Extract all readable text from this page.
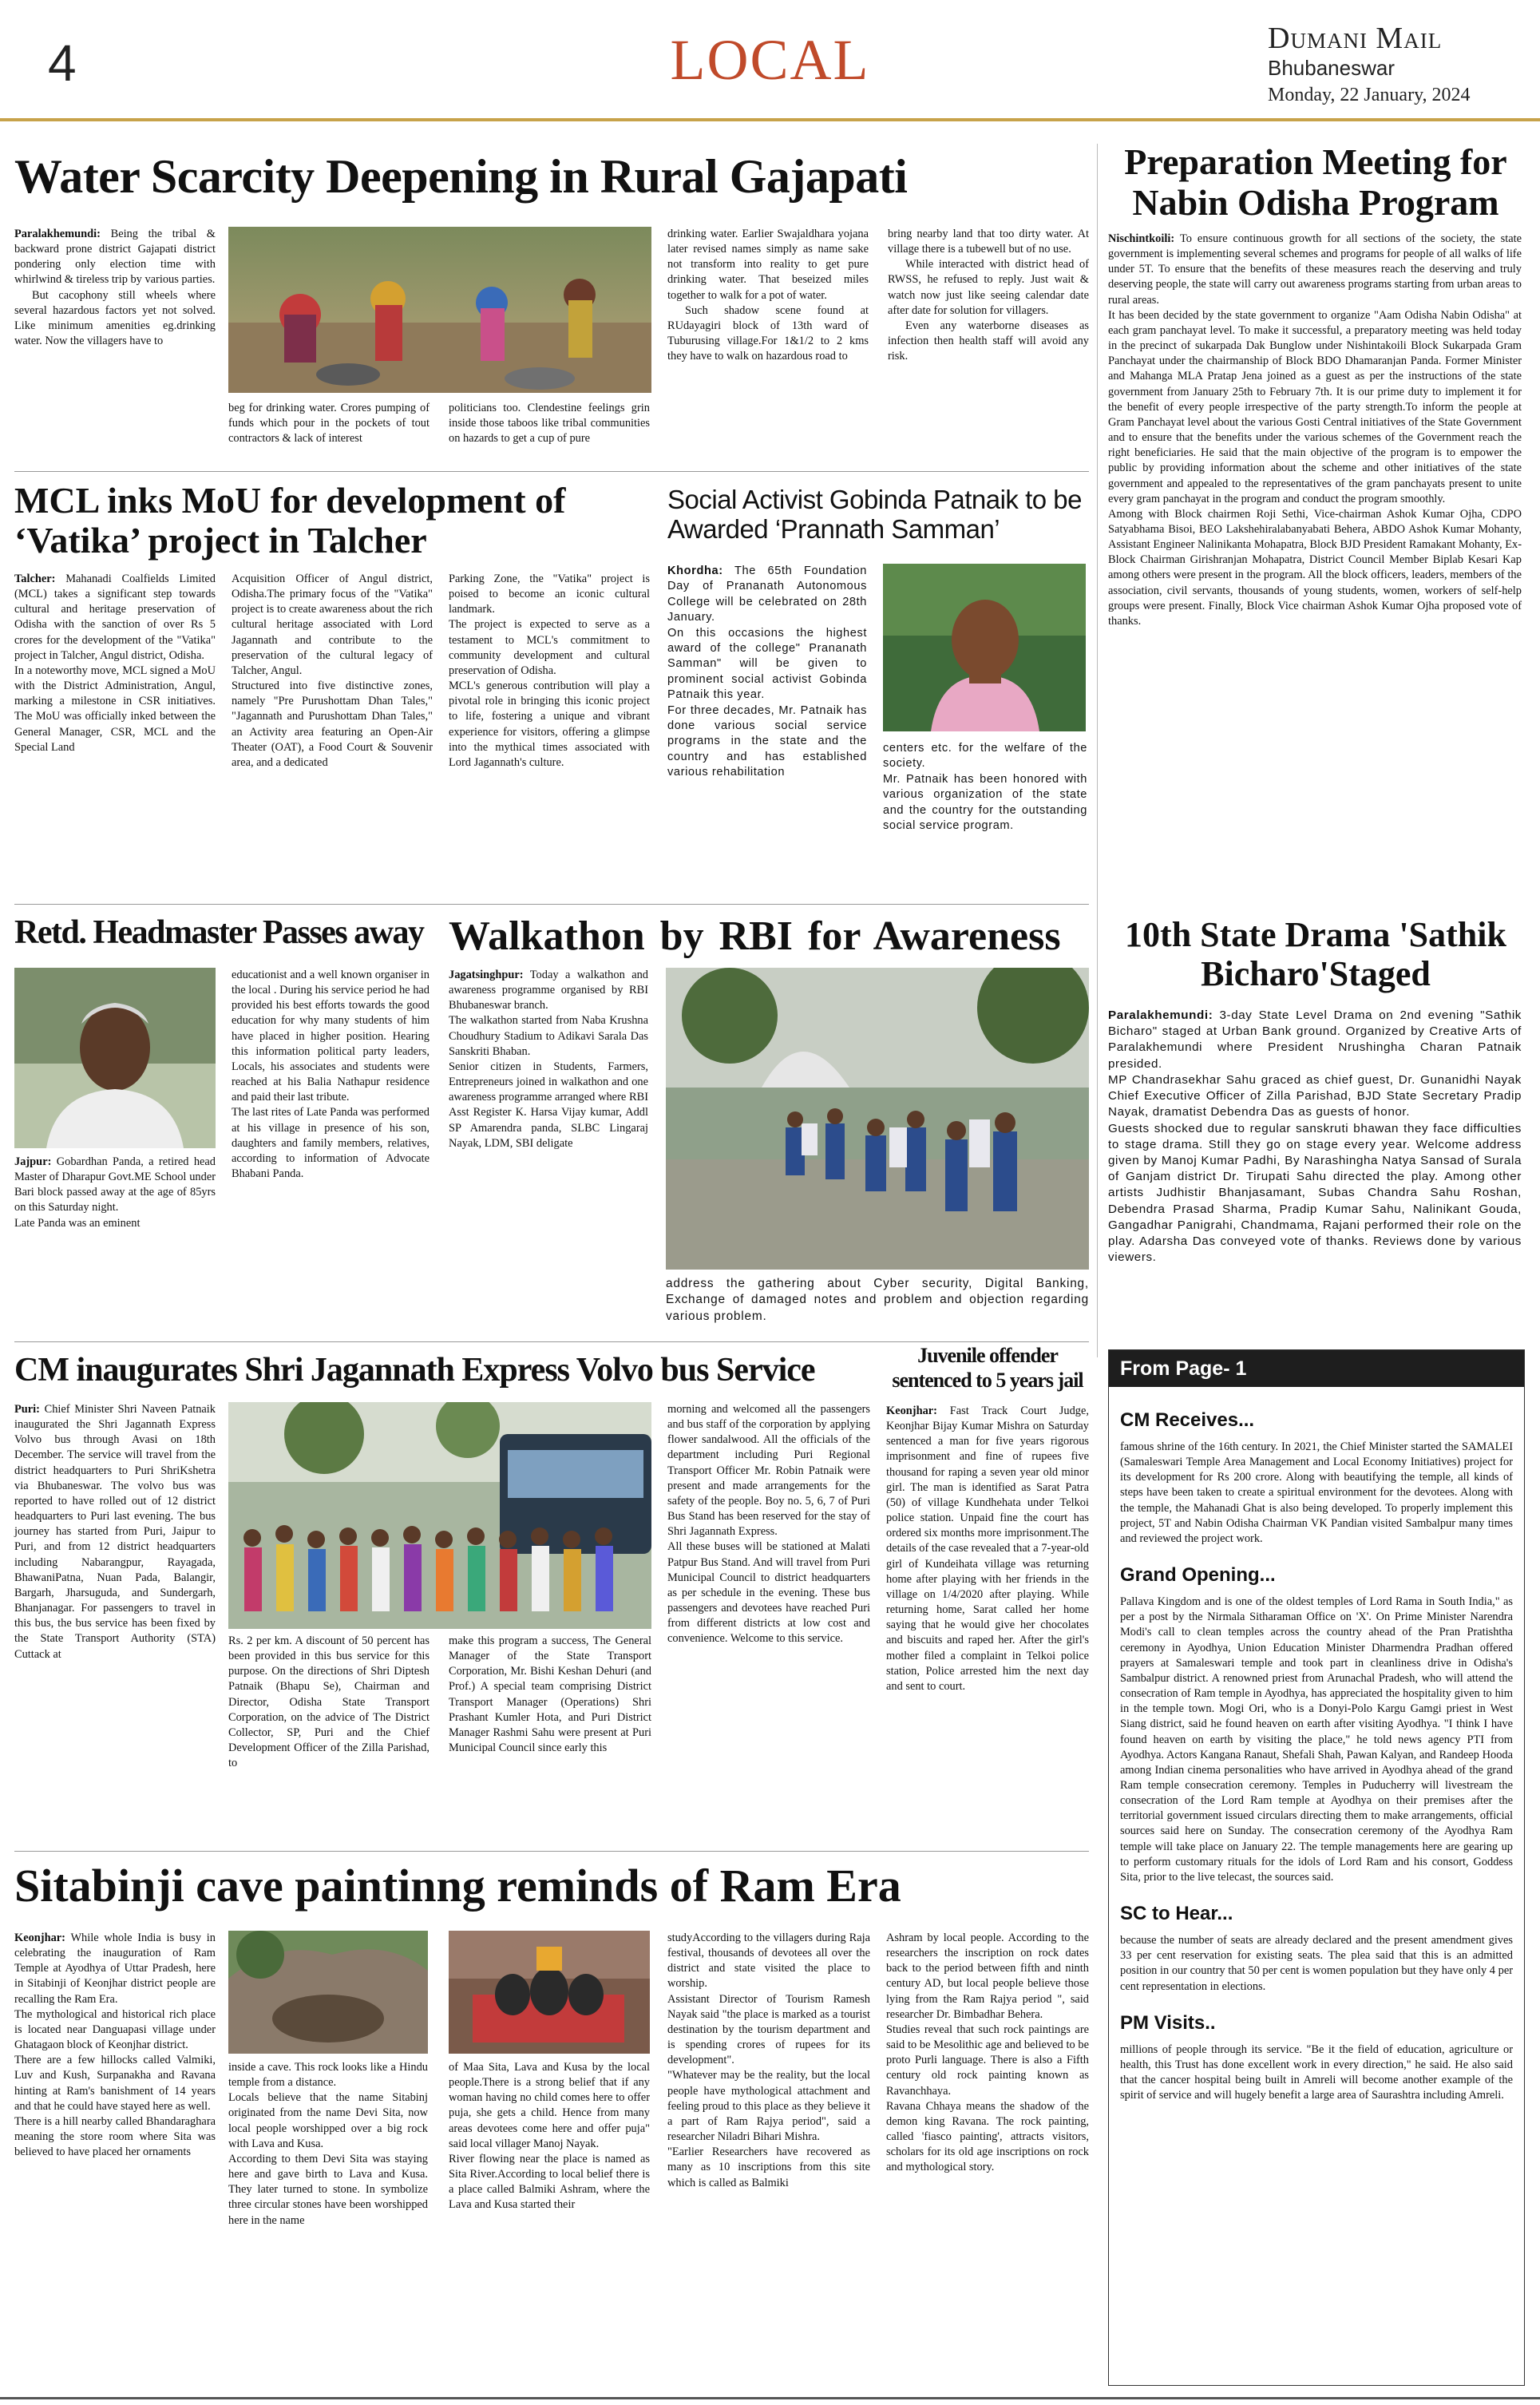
4	LOCAL	Dumani Mail
Bhubaneswar
Monday, 22 January, 2024
Water Scarcity Deepening in Rural Gajapati

Paralakhemundi: Being the tribal & backward prone district Gajapati district pondering only election time with whirlwind & tireless trip by various parties.

But cacophony still wheels where several hazardous factors yet not solved. Like minimum amenities eg.drinking water. Now the villagers have to

beg for drinking water. Crores pumping of funds which pour in the pockets of tout contractors & lack of interest

politicians too. Clendestine feelings grin inside those taboos like tribal communities on hazards to get a cup of pure

drinking water. Earlier Swajaldhara yojana later revised names simply as name sake not transform into reality to get pure drinking water. That beseized miles together to walk for a pot of water.

Such shadow scene found at RUdayagiri block of 13th ward of Tuburusing village.For 1&1/2 to 2 kms they have to walk on hazardous road to

bring nearby land that too dirty water. At village there is a tubewell but of no use.

While interacted with district head of RWSS, he refused to reply. Just wait & watch now just like seeing calendar date after date for solution for villagers.

Even any waterborne diseases as infection then health staff will avoid any risk.

Preparation Meeting for Nabin Odisha Program

Nischintkoili: To ensure continuous growth for all sections of the society, the state government is implementing several schemes and programs for people of all walks of life under 5T. To ensure that the benefits of these measures reach the deserving and truly deserving people, the state will carry out awareness programs starting from urban areas to rural areas.

It has been decided by the state government to organize "Aam Odisha Nabin Odisha" at each gram panchayat level. To make it successful, a preparatory meeting was held today in the precinct of sukarpada Dak Bunglow under Nishintakoili Block Sukarpada Gram Panchayat under the chairmanship of Block BDO Dhamaranjan Panda. Former Minister and Mahanga MLA Pratap Jena joined as a guest as per the instructions of the state government from January 25th to February 7th. It is our prime duty to implement it for the benefit of every people irrespective of the party strength.To inform the people at Gram Panchayat level about the various Gosti Central initiatives of the State Government and to ensure that the benefits under the various schemes of the Government reach the right beneficiaries. He said that the main objective of the program is to empower the public by providing information about the scheme and other initiatives of the state government and appealed to the representatives of the gram panchayats present to unite every gram panchayat in the program and conduct the program smoothly.

Among with Block chairmen Roji Sethi, Vice-chairman Ashok Kumar Ojha, CDPO Satyabhama Bisoi, BEO Lakshehiralabanyabati Behera, ABDO Ashok Kumar Mohanty, Assistant Engineer Nalinikanta Mohapatra, Block BJD President Ramakant Mohanty, Ex-Block Chairman Girishranjan Mohapatra, District Council Member Biplab Kesari Kap among others were present in the program. All the block officers, leaders, members of the association, civil servants, thousands of young students, women, workers of self-help groups were present. Finally, Block Vice chairman Ashok Kumar Ojha proposed vote of thanks.

MCL inks MoU for development of ‘Vatika’ project in Talcher

Talcher: Mahanadi Coalfields Limited (MCL) takes a significant step towards cultural and heritage preservation of Odisha with the sanction of over Rs 5 crores for the development of the "Vatika" project in Talcher, Angul district, Odisha.

In a noteworthy move, MCL signed a MoU with the District Administration, Angul, marking a milestone in CSR initiatives. The MoU was officially inked between the General Manager, CSR, MCL and the Special Land

Acquisition Officer of Angul district, Odisha.The primary focus of the "Vatika" project is to create awareness about the rich cultural heritage associated with Lord Jagannath and contribute to the preservation of the cultural legacy of Talcher, Angul.

Structured into five distinctive zones, namely "Pre Purushottam Dhan Tales," "Jagannath and Purushottam Dhan Tales," an Activity area featuring an Open-Air Theater (OAT), a Food Court & Souvenir area, and a dedicated

Parking Zone, the "Vatika" project is poised to become an iconic cultural landmark.

The project is expected to serve as a testament to MCL's commitment to community development and cultural preservation of Odisha.

MCL's generous contribution will play a pivotal role in bringing this iconic project to life, fostering a unique and vibrant experience for visitors, offering a glimpse into the mythical times associated with Lord Jagannath's culture.

Social Activist Gobinda Patnaik to be Awarded ‘Prannath Samman’

Khordha: The 65th Foundation Day of Prananath Autonomous College will be celebrated on 28th January.

On this occasions the highest award of the college" Prananath Samman" will be given to prominent social activist Gobinda Patnaik this year.

For three decades, Mr. Patnaik has done various social service programs in the state and the country and has established various rehabilitation

centers etc. for the welfare of the society.

Mr. Patnaik has been honored with various organization of the state and the country for the outstanding social service program.

Retd. Headmaster Passes away

Jajpur: Gobardhan Panda, a retired head Master of Dharapur Govt.ME School under Bari block passed away at the age of 85yrs on this Saturday night.

Late Panda was an eminent

educationist and a well known organiser in the local . During his service period he had provided his best efforts towards the good education for why many students of him have placed in higher position. Hearing this information political party leaders, Locals, his associates and students were reached at his Balia Nathapur residence and paid their last tribute.

The last rites of Late Panda was performed at his village in presence of his son, daughters and family members, relatives, according to information of Advocate Bhabani Panda.

Walkathon by RBI for Awareness

Jagatsinghpur: Today a walkathon and awareness programme organised by RBI Bhubaneswar branch.

The walkathon started from Naba Krushna Choudhury Stadium to Adikavi Sarala Das Sanskriti Bhaban.

Senior citizen in Students, Farmers, Entrepreneurs joined in walkathon and one awareness programme arranged where RBI Asst Register K. Harsa Vijay kumar, Addl SP Amarendra panda, SLBC Lingaraj Nayak, LDM, SBI deligate

address the gathering about Cyber security, Digital Banking, Exchange of damaged notes and problem and objection regarding various problem.

10th State Drama 'Sathik Bicharo'Staged

Paralakhemundi: 3-day State Level Drama on 2nd evening "Sathik Bicharo" staged at Urban Bank ground. Organized by Creative Arts of Paralakhemundi where President Nrushingha Charan Patnaik presided.

MP Chandrasekhar Sahu graced as chief guest, Dr. Gunanidhi Nayak Chief Executive Officer of Zilla Parishad, BJD State Secretary Pradip Nayak, dramatist Debendra Das as guests of honor.

Guests shocked due to regular sanskruti bhawan they face difficulties to stage drama. Still they go on stage every year. Welcome address given by Manoj Kumar Padhi, By Narashingha Natya Sansad of Surala of Ganjam district Dr. Tirupati Sahu directed the play. Among other artists Judhistir Bhanjasamant, Subas Chandra Sahu Roshan, Debendra Prasad Sharma, Pradip Kumar Sahu, Nalinikant Gouda, Gangadhar Panigrahi, Chandmama, Rajani performed their role on the play. Adarsha Das conveyed vote of thanks. Reviews done by various viewers.

CM inaugurates Shri Jagannath Express Volvo bus Service

Puri: Chief Minister Shri Naveen Patnaik inaugurated the Shri Jagannath Express Volvo bus through Avasi on 18th December. The service will travel from the district headquarters to Puri ShriKshetra via Bhubaneswar. The volvo bus was reported to have rolled out of 12 district headquarters to Puri last evening. The bus journey has started from Puri, Jaipur to Puri, and from 12 district headquarters including Nabarangpur, Rayagada, BhawaniPatna, Nuan Pada, Balangir, Bargarh, Jharsuguda, and Sundergarh, Bhanjanagar. For passengers to travel in this bus, the bus service has been fixed by the State Transport Authority (STA) Cuttack at

Rs. 2 per km. A discount of 50 percent has been provided in this bus service for this purpose. On the directions of Shri Diptesh Patnaik (Bhapu Se), Chairman and Director, Odisha State Transport Corporation, on the advice of The District Collector, SP, Puri and the Chief Development Officer of the Zilla Parishad, to

make this program a success, The General Manager of the State Transport Corporation, Mr. Bishi Keshan Dehuri (and Prof.) A special team comprising District Transport Manager (Operations) Shri Prashant Kumler Hota, and Puri District Manager Rashmi Sahu were present at Puri Municipal Council since early this

morning and welcomed all the passengers and bus staff of the corporation by applying flower sandalwood. All the officials of the department including Puri Regional Transport Officer Mr. Robin Patnaik were present and made arrangements for the safety of the people. Boy no. 5, 6, 7 of Puri Bus Stand has been reserved for the stay of Shri Jagannath Express.

All these buses will be stationed at Malati Patpur Bus Stand. And will travel from Puri Municipal Council to district headquarters as per schedule in the evening. These bus passengers and devotees have reached Puri from different districts at low cost and convenience. Welcome to this service.

Juvenile offender
sentenced to 5 years jail

Keonjhar: Fast Track Court Judge, Keonjhar Bijay Kumar Mishra on Saturday sentenced a man for five years rigorous imprisonment and fine of rupees five thousand for raping a seven year old minor girl. The man is identified as Sarat Patra (50) of village Kundhehata under Telkoi police station. Unpaid fine the court has ordered six months more imprisonment.The details of the case revealed that a 7-year-old girl of Kundeihata village was returning home after playing with her friends in the village on 1/4/2020 after playing. While returning home, Sarat called her home saying that he would give her chocolates and biscuits and raped her. After the girl's mother filed a complaint in Telkoi police station, Police arrested him the next day and sent to court.

From Page- 1
CM Receives...

famous shrine of the 16th century. In 2021, the Chief Minister started the SAMALEI (Samaleswari Temple Area Management and Local Economy Initiatives) project for its development for Rs 200 crore. Along with beautifying the temple, all kinds of steps have been taken to create a spiritual environment for the devotees. Along with the temple, the Mahanadi Ghat is also being developed. To properly implement this project, 5T and Nabin Odisha Chairman VK Pandian visited Sambalpur many times and reviewed the project work.

Grand Opening...

Pallava Kingdom and is one of the oldest temples of Lord Rama in South India," as per a post by the Nirmala Sitharaman Office on 'X'. On Prime Minister Narendra Modi's call to clean temples across the country ahead of the Pran Pratishtha ceremony in Ayodhya, Union Education Minister Dharmendra Pradhan offered prayers at Samaleswari temple and took part in cleanliness drive in Odisha's Sambalpur district. A renowned priest from Arunachal Pradesh, who will attend the consecration of Ram temple in Ayodhya, has appreciated the hospitality given to him in the temple town. Mogi Ori, who is a Donyi-Polo Kargu Gamgi priest in West Siang district, said he found heaven on earth after visiting Ayodhya. "I think I have found heaven on earth by visiting the place," he told news agency PTI from Ayodhya. Actors Kangana Ranaut, Shefali Shah, Pawan Kalyan, and Randeep Hooda among Indian cinema personalities who have arrived in Ayodhya ahead of the grand Ram temple consecration ceremony. Temples in Puducherry will livestream the consecration of the Lord Ram temple at Ayodhya on their premises after the territorial government issued circulars directing them to make arrangements, official sources said here on Sunday. The consecration ceremony of the Ayodhya Ram temple will take place on January 22. The temple managements here are gearing up to perform customary rituals for the idols of Lord Ram and his consort, Goddess Sita, prior to the live telecast, the sources said.

SC to Hear...

because the number of seats are already declared and the present amendment gives 33 per cent reservation for existing seats. The plea said that this is an admitted position in our country that 50 per cent is women population but they have only 4 per cent representation in elections.

PM Visits..

millions of people through its service. "Be it the field of education, agriculture or health, this Trust has done excellent work in every direction," he said. He also said that the cancer hospital being built in Amreli will become another example of the spirit of service and will hugely benefit a large area of Saurashtra including Amreli.

Sitabinji cave paintinng reminds of Ram Era

Keonjhar: While whole India is busy in celebrating the inauguration of Ram Temple at Ayodhya of Uttar Pradesh, here in Sitabinji of Keonjhar district people are recalling the Ram Era.

The mythological and historical rich place is located near Danguapasi village under Ghatagaon block of Keonjhar district.

There are a few hillocks called Valmiki, Luv and Kush, Surpanakha and Ravana hinting at Ram's banishment of 14 years and that he could have stayed here as well.

There is a hill nearby called Bhandaraghara meaning the store room where Sita was believed to have placed her ornaments

inside a cave. This rock looks like a Hindu temple from a distance.

Locals believe that the name Sitabinj originated from the name Devi Sita, now local people worshipped over a big rock with Lava and Kusa.

According to them Devi Sita was staying here and gave birth to Lava and Kusa. They later turned to stone. In symbolize three circular stones have been worshipped here in the name

of Maa Sita, Lava and Kusa by the local people.There is a strong belief that if any woman having no child comes here to offer puja, she gets a child. Hence from many areas devotees come here and offer puja" said local villager Manoj Nayak.

River flowing near the place is named as Sita River.According to local belief there is a place called Balmiki Ashram, where the Lava and Kusa started their

studyAccording to the villagers during Raja festival, thousands of devotees all over the district and state visited the place to worship.

Assistant Director of Tourism Ramesh Nayak said "the place is marked as a tourist destination by the tourism department and is spending crores of rupees for its development".

"Whatever may be the reality, but the local people have mythological attachment and feeling proud to this place as they believe it a part of Ram Rajya period", said a researcher Niladri Bihari Mishra.

"Earlier Researchers have recovered as many as 10 inscriptions from this site which is called as Balmiki

Ashram by local people. According to the researchers the inscription on rock dates back to the period between fifth and ninth century AD, but local people believe those lying from the Ram Rajya period ", said researcher Dr. Bimbadhar Behera.

Studies reveal that such rock paintings are said to be Mesolithic age and believed to be proto Purli language. There is also a Fifth century old rock painting known as Ravanchhaya.

Ravana Chhaya means the shadow of the demon king Ravana. The rock painting, called 'fiasco painting', attracts visitors, scholars for its old age inscriptions on rock and mythological story.
